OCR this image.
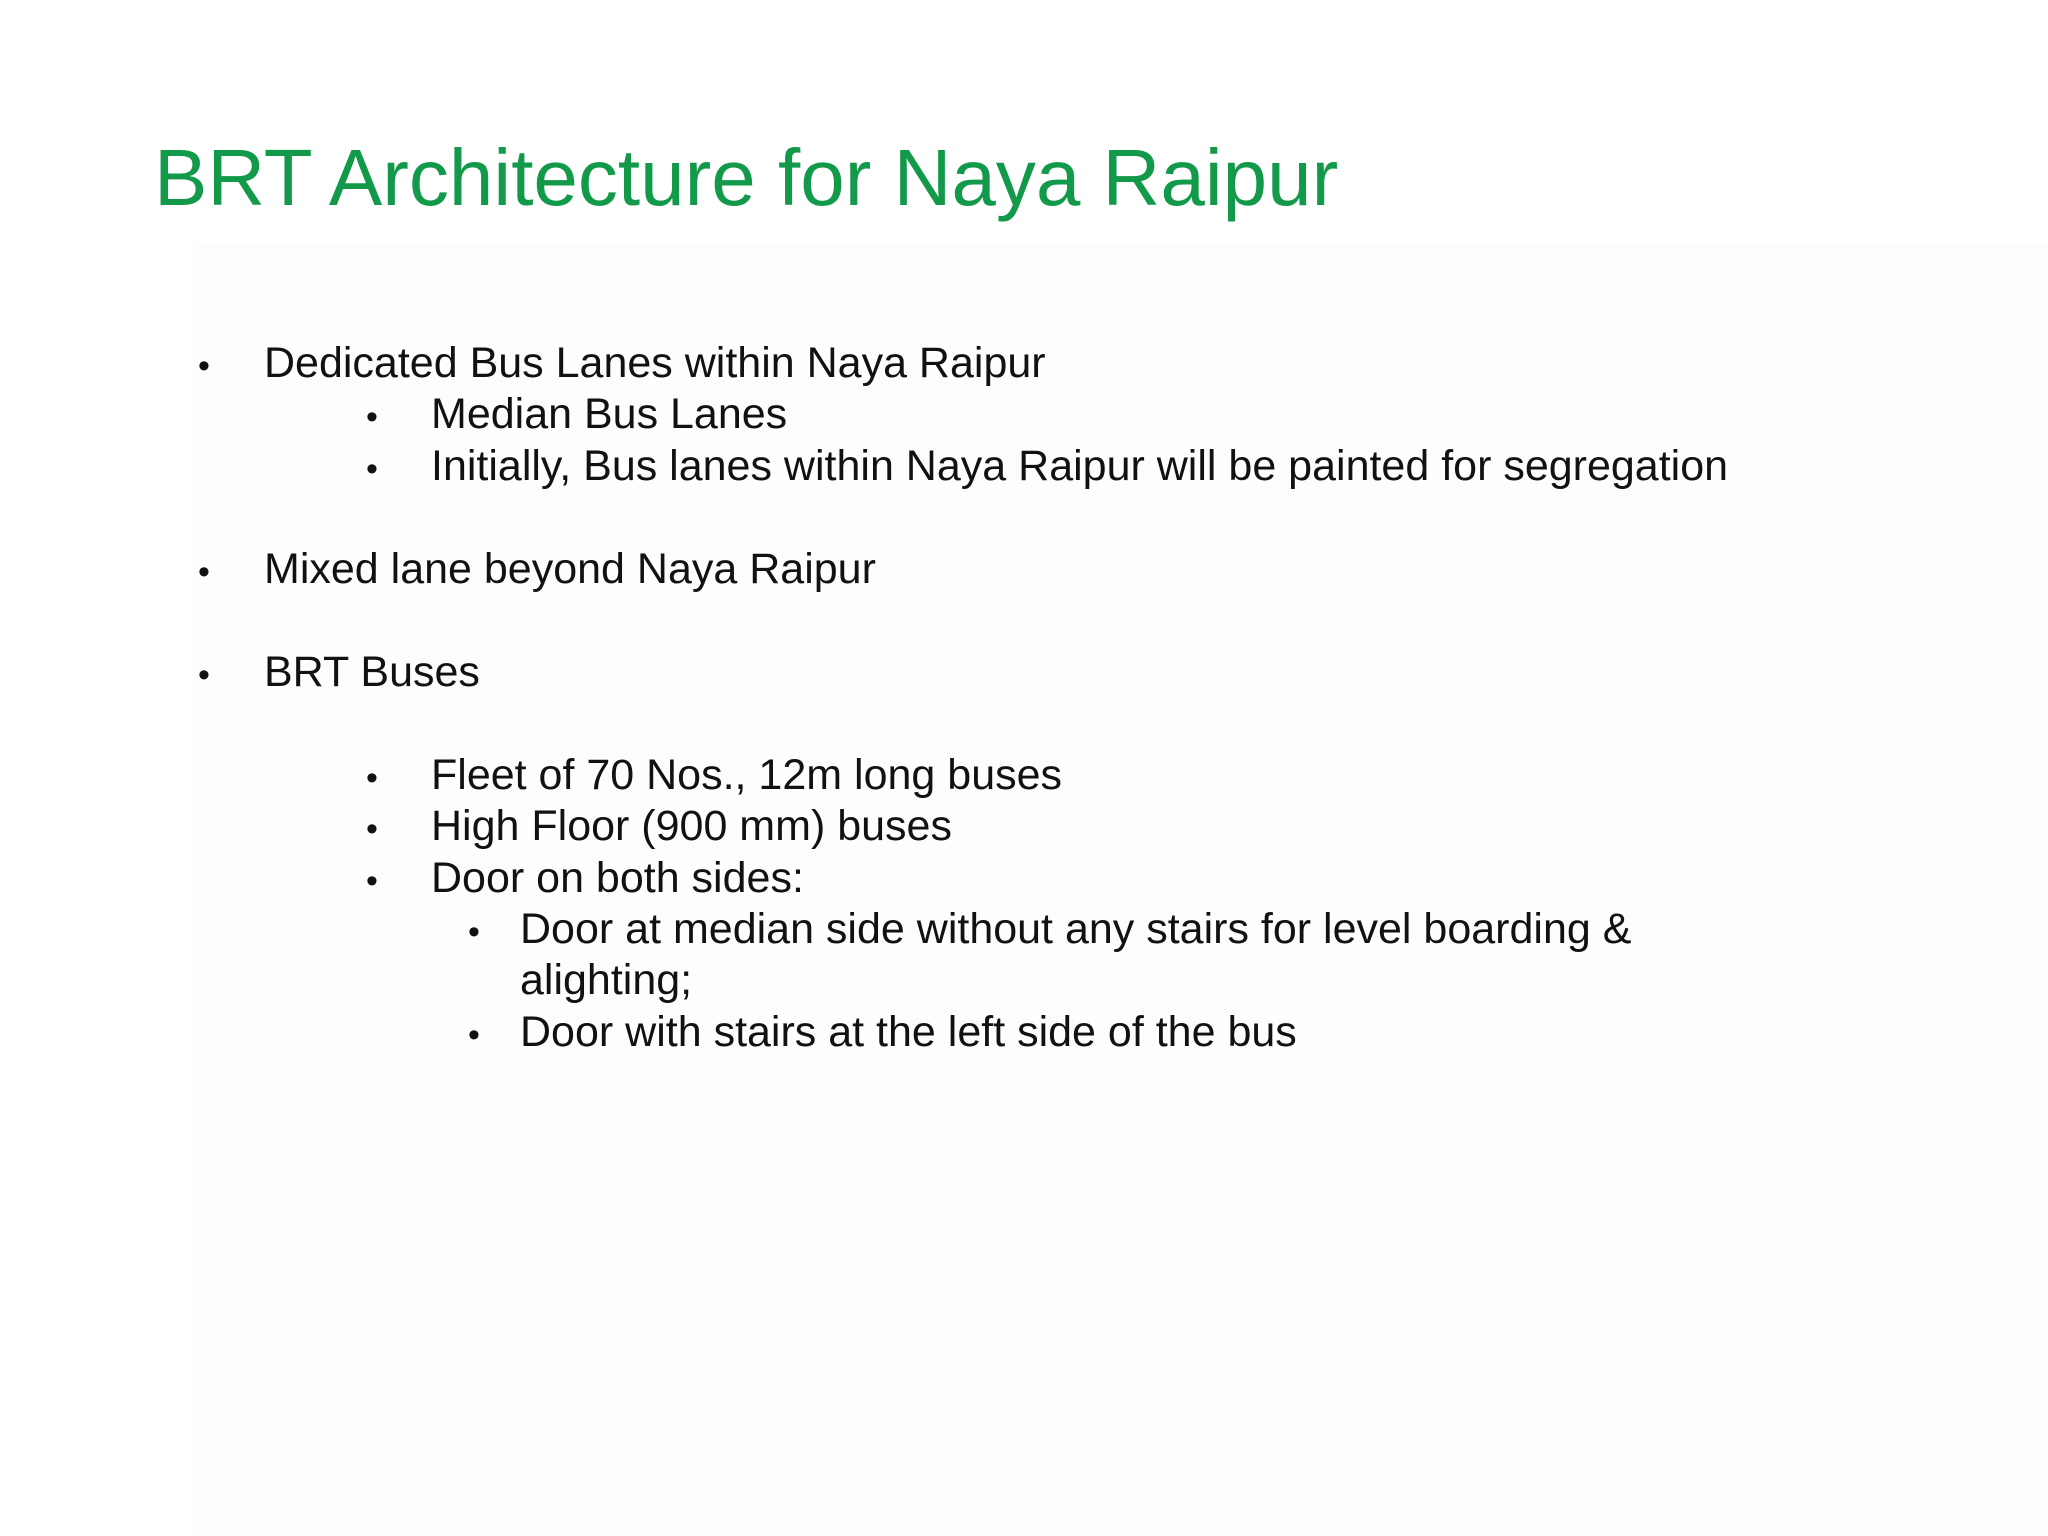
BRT Architecture for Naya Raipur
• Dedicated Bus Lanes within Naya Raipur
• Median Bus Lanes
• Initially, Bus lanes within Naya Raipur will be painted for segregation
• Mixed lane beyond Naya Raipur
• BRT Buses
• Fleet of 70 Nos., 12m long buses
• High Floor (900 mm) buses
• Door on both sides:
• Door at median side without any stairs for level boarding &
alighting;
• Door with stairs at the left side of the bus
